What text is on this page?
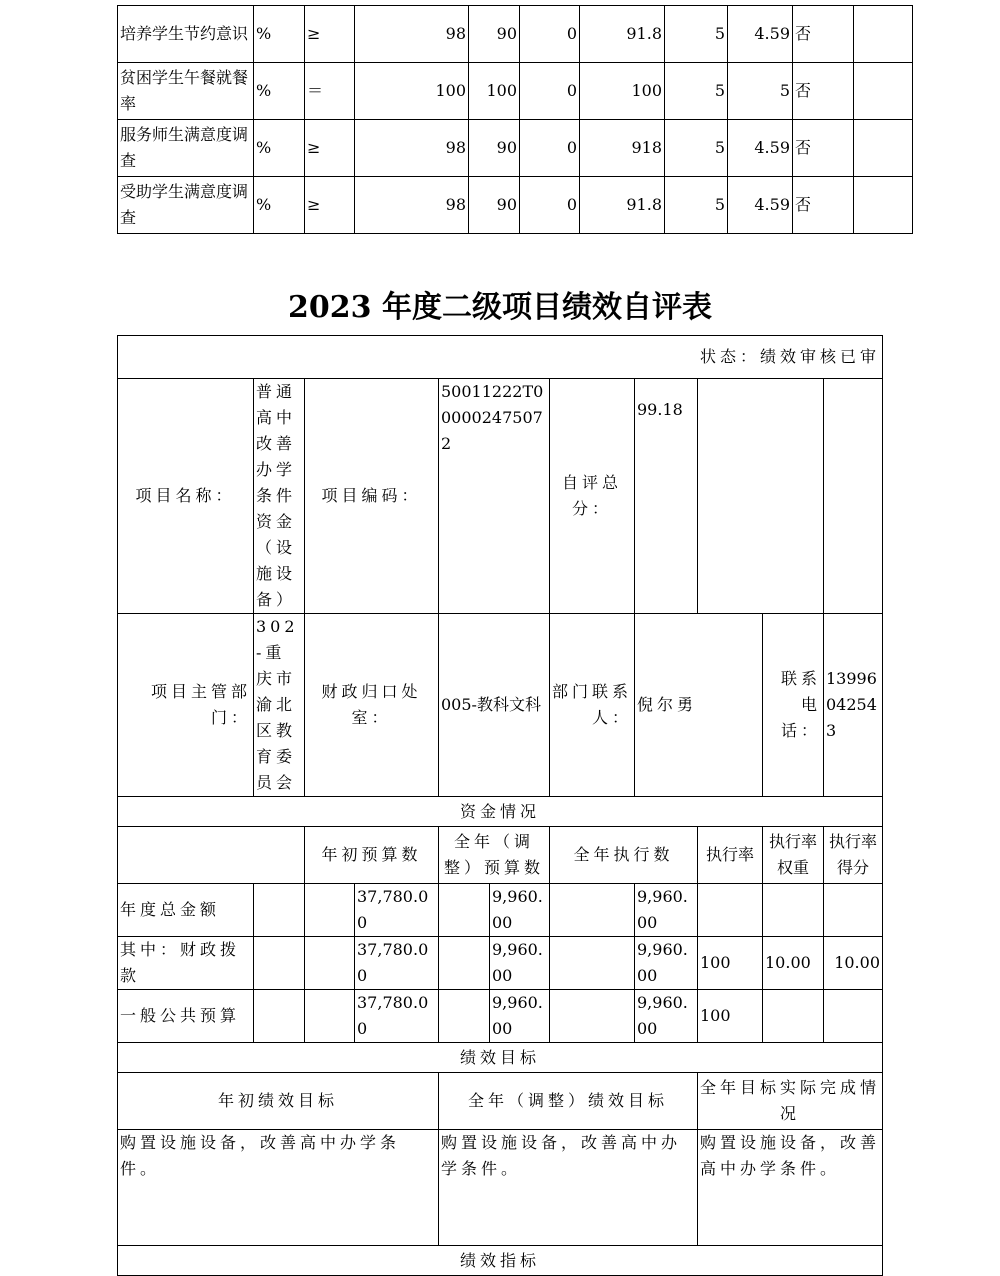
培养学生节约意识	%	≥	98	90	0	91.8	5	4.59	否	
贫困学生午餐就餐率	%	＝	100	100	0	100	5	5	否	
服务师生满意度调查	%	≥	98	90	0	918	5	4.59	否	
受助学生满意度调查	%	≥	98	90	0	91.8	5	4.59	否	
2023 年度二级项目绩效自评表
状态：绩效审核已审										
项目名称：	普通高中改善办学条件资金（设施设备）	项目编码：		50011222T000002475072		自评总分：	99.18			
项目主管部门：	302-重庆市渝北区教育委员会	财政归口处室：		005-教科文科		部门联系人：	倪尔勇		联系电话：	13996042543
资金情况										
		年初预算数		全年（调整）预算数		全年执行数		执行率	执行率权重	执行率得分
年度总金额			37,780.00		9,960.00		9,960.00			
其中：财政拨款			37,780.00		9,960.00		9,960.00	100	10.00	10.00
一般公共预算			37,780.00		9,960.00		9,960.00	100		
绩效目标										
年初绩效目标				全年（调整）绩效目标				全年目标实际完成情况		
购置设施设备，改善高中办学条件。				购置设施设备，改善高中办学条件。				购置设施设备，改善高中办学条件。		
绩效指标										
